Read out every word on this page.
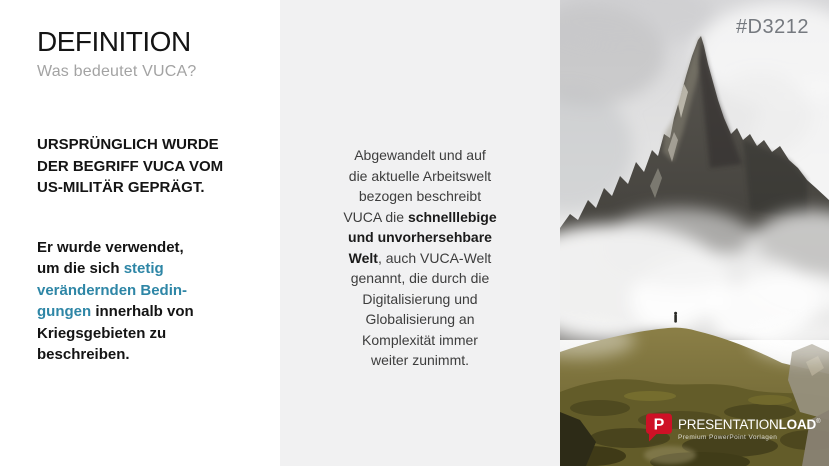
DEFINITION
Was bedeutet VUCA?

URSPRÜNGLICH WURDE
DER BEGRIFF VUCA VOM
US-MILITÄR GEPRÄGT.

Er wurde verwendet,
um die sich stetig
verändernden Bedin-
gungen innerhalb von
Kriegsgebieten zu
beschreiben.

Abgewandelt und auf
die aktuelle Arbeitswelt
bezogen beschreibt
VUCA die schnelllebige
und unvorhersehbare
Welt, auch VUCA-Welt
genannt, die durch die
Digitalisierung und
Globalisierung an
Komplexität immer
weiter zunimmt.

#D3212
P PRESENTATIONLOAD®
Premium PowerPoint Vorlagen
